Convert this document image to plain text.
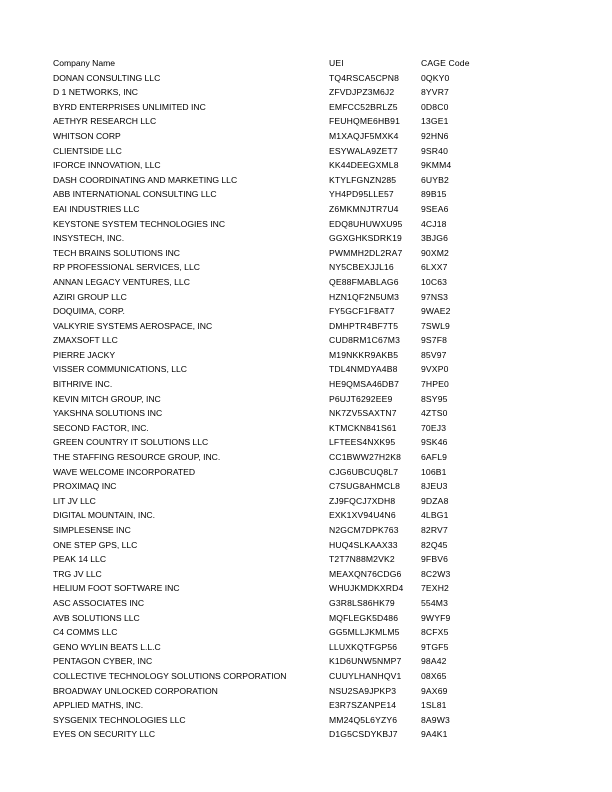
Company Name	UEI	CAGE Code
DONAN CONSULTING LLC	TQ4RSCA5CPN8	0QKY0
D 1 NETWORKS, INC	ZFVDJPZ3M6J2	8YVR7
BYRD ENTERPRISES UNLIMITED INC	EMFCC52BRLZ5	0D8C0
AETHYR RESEARCH LLC	FEUHQME6HB91	13GE1
WHITSON CORP	M1XAQJF5MXK4	92HN6
CLIENTSIDE LLC	ESYWALA9ZET7	9SR40
IFORCE INNOVATION, LLC	KK44DEEGXML8	9KMM4
DASH COORDINATING AND MARKETING LLC	KTYLFGNZN285	6UYB2
ABB INTERNATIONAL CONSULTING LLC	YH4PD95LLE57	89B15
EAI INDUSTRIES LLC	Z6MKMNJTR7U4	9SEA6
KEYSTONE SYSTEM TECHNOLOGIES INC	EDQ8UHUWXU95	4CJ18
INSYSTECH, INC.	GGXGHKSDRK19	3BJG6
TECH BRAINS SOLUTIONS INC	PWMMH2DL2RA7	90XM2
RP PROFESSIONAL SERVICES, LLC	NY5CBEXJJL16	6LXX7
ANNAN LEGACY VENTURES, LLC	QE88FMABLAG6	10C63
AZIRI GROUP LLC	HZN1QF2N5UM3	97NS3
DOQUIMA, CORP.	FY5GCF1F8AT7	9WAE2
VALKYRIE SYSTEMS AEROSPACE, INC	DMHPTR4BF7T5	7SWL9
ZMAXSOFT LLC	CUD8RM1C67M3	9S7F8
PIERRE JACKY	M19NKKR9AKB5	85V97
VISSER COMMUNICATIONS, LLC	TDL4NMDYA4B8	9VXP0
BITHRIVE INC.	HE9QMSA46DB7	7HPE0
KEVIN MITCH GROUP, INC	P6UJT6292EE9	8SY95
YAKSHNA SOLUTIONS INC	NK7ZV5SAXTN7	4ZTS0
SECOND FACTOR, INC.	KTMCKN841S61	70EJ3
GREEN COUNTRY IT SOLUTIONS LLC	LFTEES4NXK95	9SK46
THE STAFFING RESOURCE GROUP, INC.	CC1BWW27H2K8	6AFL9
WAVE WELCOME INCORPORATED	CJG6UBCUQ8L7	106B1
PROXIMAQ INC	C7SUG8AHMCL8	8JEU3
LIT JV LLC	ZJ9FQCJ7XDH8	9DZA8
DIGITAL MOUNTAIN, INC.	EXK1XV94U4N6	4LBG1
SIMPLESENSE INC	N2GCM7DPK763	82RV7
ONE STEP GPS, LLC	HUQ4SLKAAX33	82Q45
PEAK 14 LLC	T2T7N88M2VK2	9FBV6
TRG JV LLC	MEAXQN76CDG6	8C2W3
HELIUM FOOT SOFTWARE INC	WHUJKMDKXRD4	7EXH2
ASC ASSOCIATES INC	G3R8LS86HK79	554M3
AVB SOLUTIONS LLC	MQFLEGK5D486	9WYF9
C4 COMMS LLC	GG5MLLJKMLM5	8CFX5
GENO WYLIN BEATS L.L.C	LLUXKQTFGP56	9TGF5
PENTAGON CYBER, INC	K1D6UNW5NMP7	98A42
COLLECTIVE TECHNOLOGY SOLUTIONS CORPORATION	CUUYLHANHQV1	08X65
BROADWAY UNLOCKED CORPORATION	NSU2SA9JPKP3	9AX69
APPLIED MATHS, INC.	E3R7SZANPE14	1SL81
SYSGENIX TECHNOLOGIES LLC	MM24Q5L6YZY6	8A9W3
EYES ON SECURITY LLC	D1G5CSDYKBJ7	9A4K1
